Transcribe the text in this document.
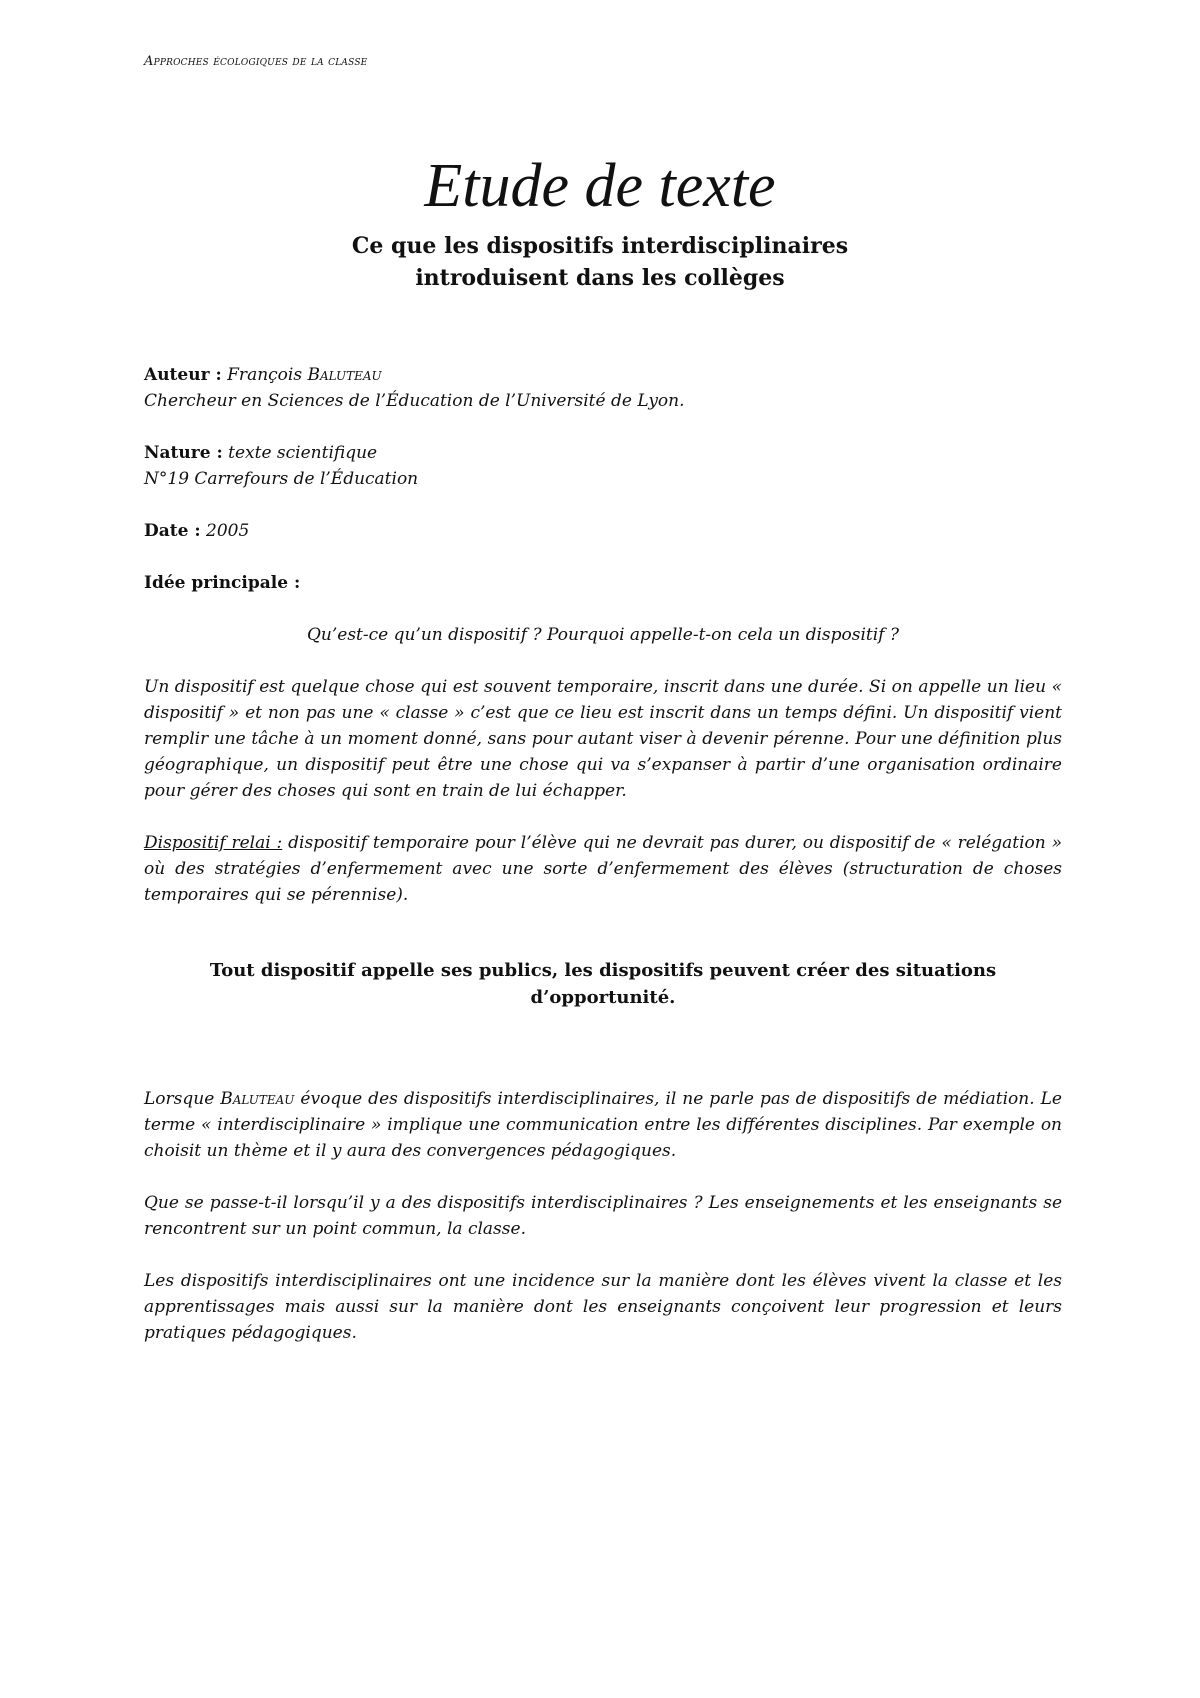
Approches écologiques de la classe
Etude de texte
Ce que les dispositifs interdisciplinaires
introduisent dans les collèges
Auteur : François Baluteau
Chercheur en Sciences de l’Éducation de l’Université de Lyon.
Nature : texte scientifique
N°19 Carrefours de l’Éducation
Date : 2005
Idée principale :
Qu’est-ce qu’un dispositif ? Pourquoi appelle-t-on cela un dispositif ?
Un dispositif est quelque chose qui est souvent temporaire, inscrit dans une durée. Si on appelle un lieu « dispositif » et non pas une « classe » c’est que ce lieu est inscrit dans un temps défini. Un dispositif vient remplir une tâche à un moment donné, sans pour autant viser à devenir pérenne. Pour une définition plus géographique, un dispositif peut être une chose qui va s’expanser à partir d’une organisation ordinaire pour gérer des choses qui sont en train de lui échapper.
Dispositif relai : dispositif temporaire pour l’élève qui ne devrait pas durer, ou dispositif de « relégation » où des stratégies d’enfermement avec une sorte d’enfermement des élèves (structuration de choses temporaires qui se pérennise).
Tout dispositif appelle ses publics, les dispositifs peuvent créer des situations
d’opportunité.
Lorsque Baluteau évoque des dispositifs interdisciplinaires, il ne parle pas de dispositifs de médiation. Le terme « interdisciplinaire » implique une communication entre les différentes disciplines. Par exemple on choisit un thème et il y aura des convergences pédagogiques.
Que se passe-t-il lorsqu’il y a des dispositifs interdisciplinaires ? Les enseignements et les enseignants se rencontrent sur un point commun, la classe.
Les dispositifs interdisciplinaires ont une incidence sur la manière dont les élèves vivent la classe et les apprentissages mais aussi sur la manière dont les enseignants conçoivent leur progression et leurs pratiques pédagogiques.
